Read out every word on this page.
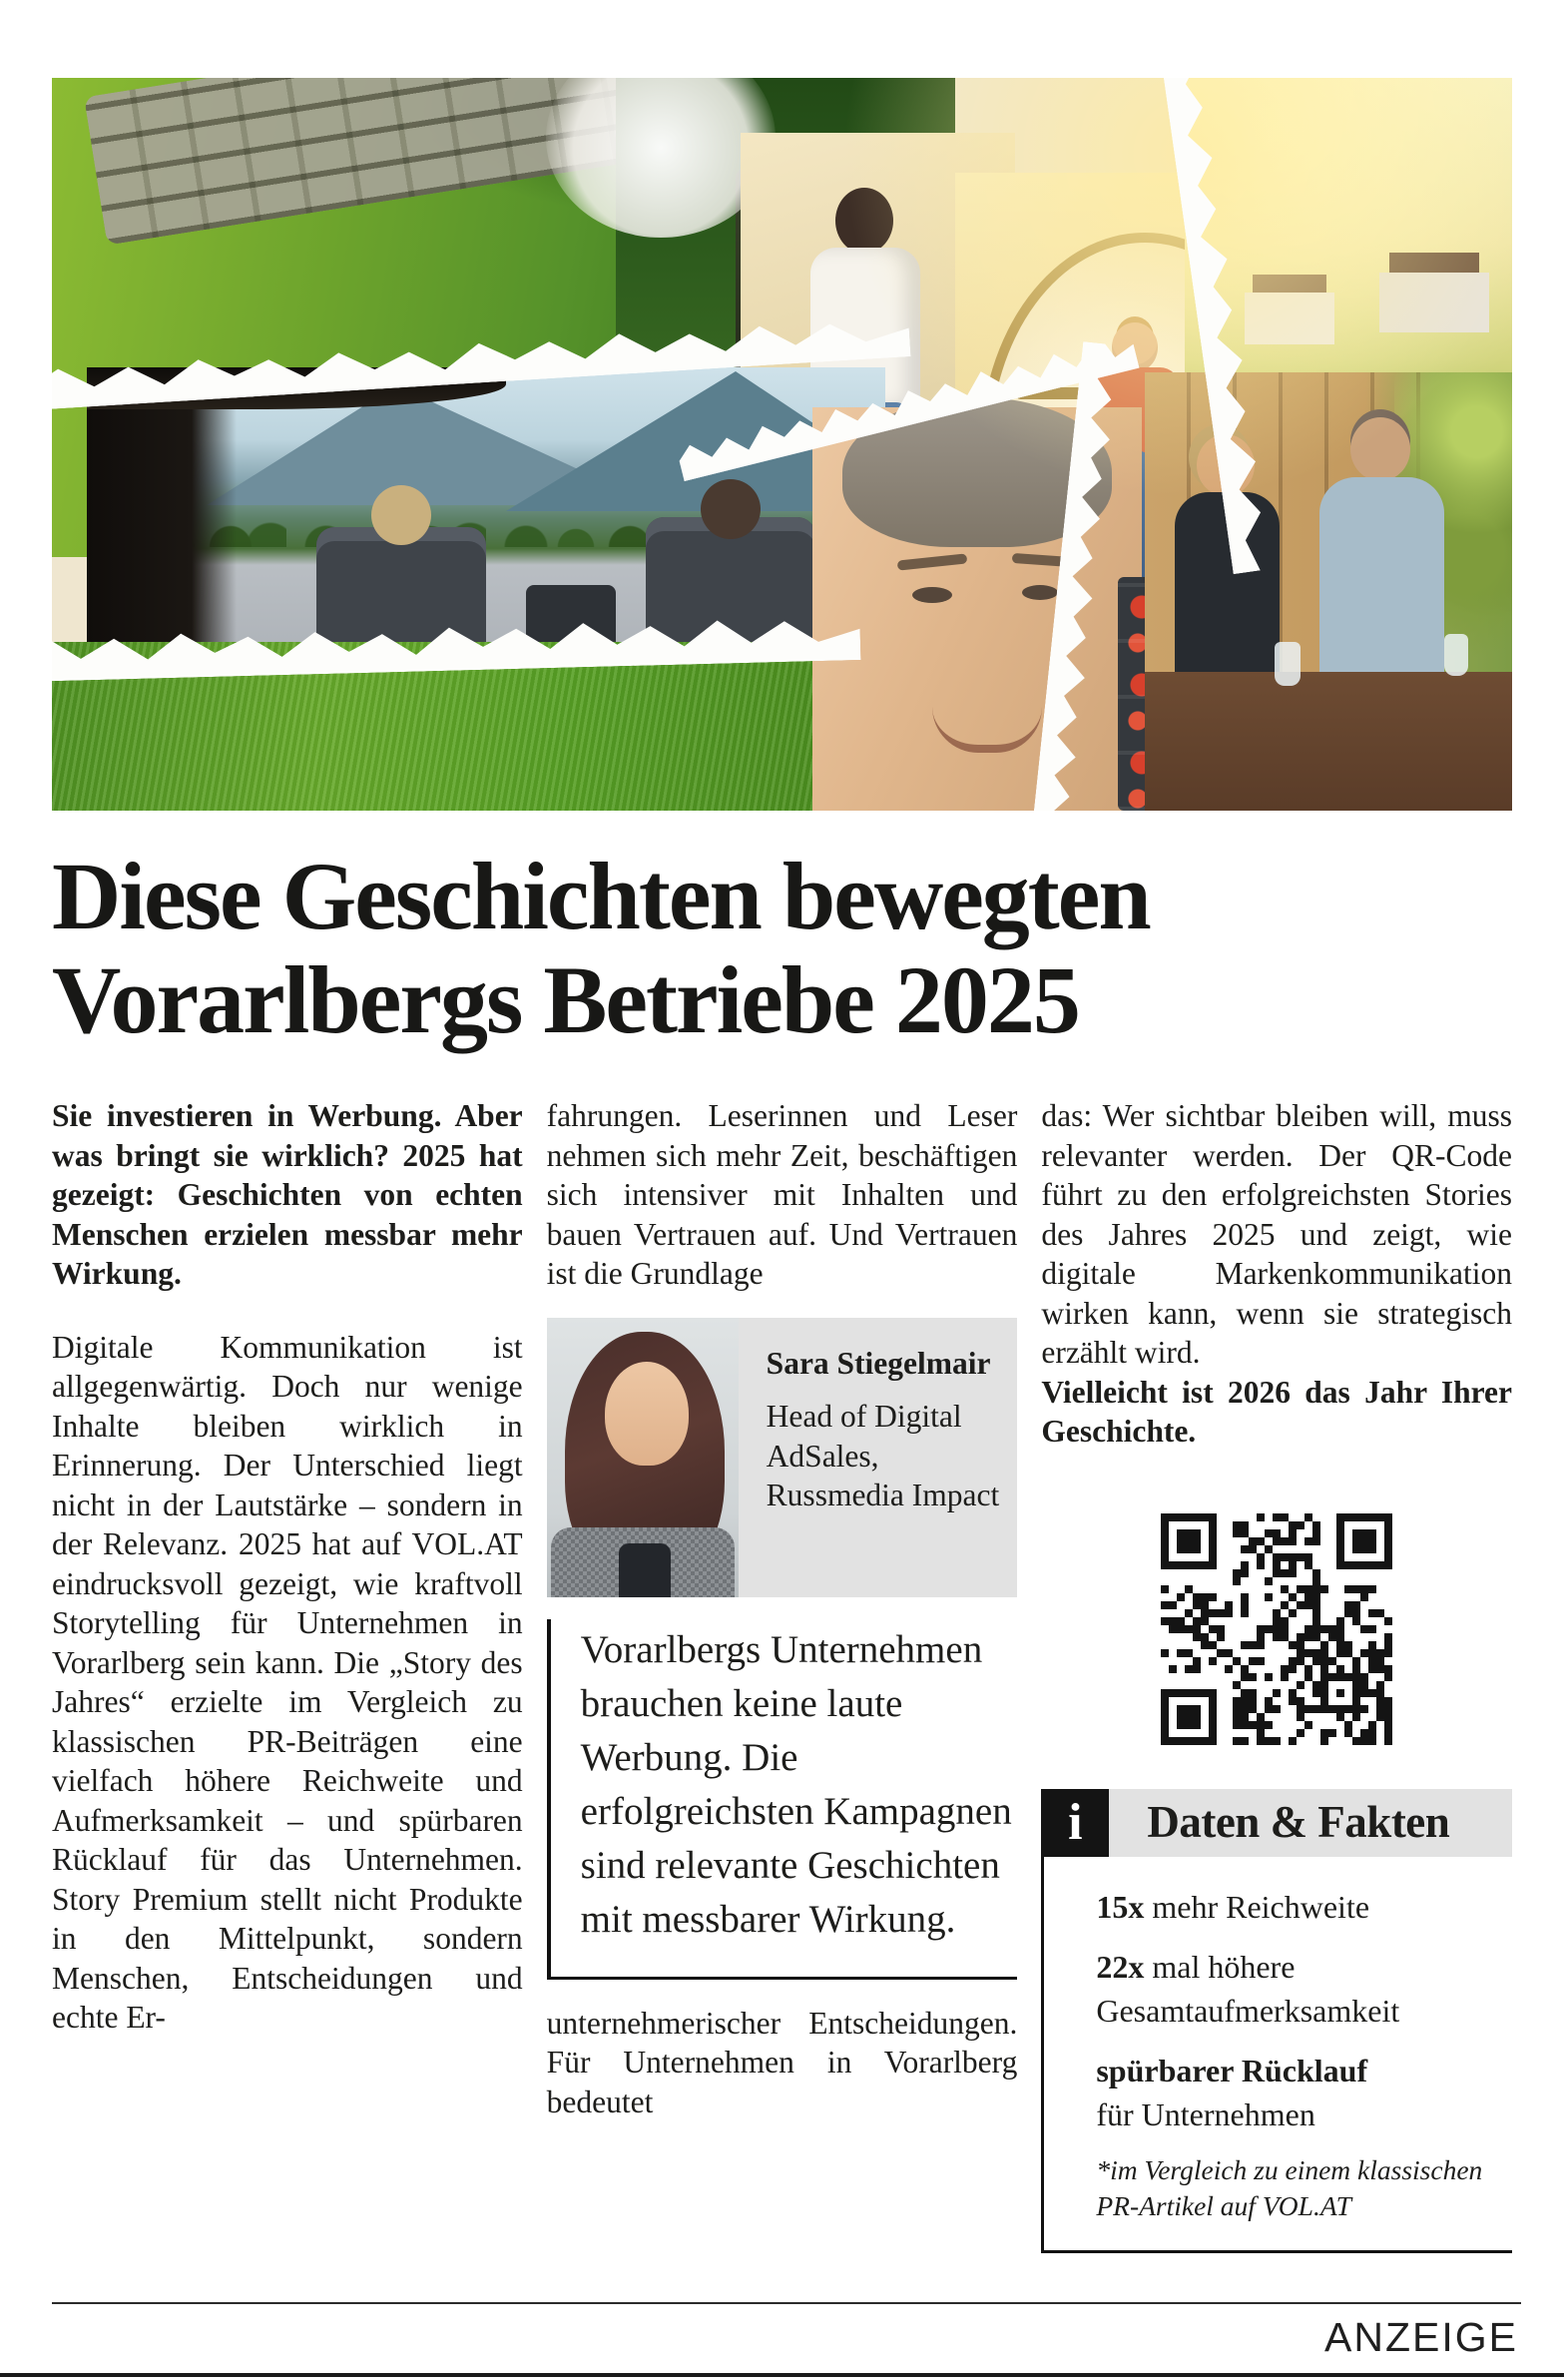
Diese Geschichten bewegten
Vorarlbergs Betriebe 2025

Sie investieren in Werbung. Aber was bringt sie wirklich? 2025 hat gezeigt: Geschichten von echten Menschen erzielen messbar mehr Wirkung.

Digitale Kommunikation ist allgegenwärtig. Doch nur wenige Inhalte bleiben wirklich in Erinnerung. Der Unterschied liegt nicht in der Lautstärke – sondern in der Relevanz. 2025 hat auf VOL.AT eindrucksvoll gezeigt, wie kraftvoll Storytelling für Unternehmen in Vorarlberg sein kann. Die „Story des Jahres“ erzielte im Vergleich zu klassischen PR-Beiträgen eine vielfach höhere Reichweite und Aufmerksamkeit – und spürbaren Rücklauf für das Unternehmen. Story Premium stellt nicht Produkte in den Mittelpunkt, sondern Menschen, Entscheidungen und echte Er-

fahrungen. Leserinnen und Leser nehmen sich mehr Zeit, beschäftigen sich intensiver mit Inhalten und bauen Vertrauen auf. Und Vertrauen ist die Grundlage

Sara Stiegelmair

Head of Digital AdSales, Russmedia Impact

Vorarlbergs Unternehmen brauchen keine laute Werbung. Die erfolgreichsten Kampagnen sind relevante Geschichten mit messbarer Wirkung.

unternehmerischer Entscheidungen. Für Unternehmen in Vorarlberg bedeutet

das: Wer sichtbar bleiben will, muss relevanter werden. Der QR-Code führt zu den erfolgreichsten Stories des Jahres 2025 und zeigt, wie digitale Markenkommunikation wirken kann, wenn sie strategisch erzählt wird.

Vielleicht ist 2026 das Jahr Ihrer Geschichte.

i	Daten & Fakten

15x mehr Reichweite

22x mal höhere Gesamtaufmerksamkeit

spürbarer Rücklauf
für Unternehmen

*im Vergleich zu einem klassischen PR-Artikel auf VOL.AT

ANZEIGE
